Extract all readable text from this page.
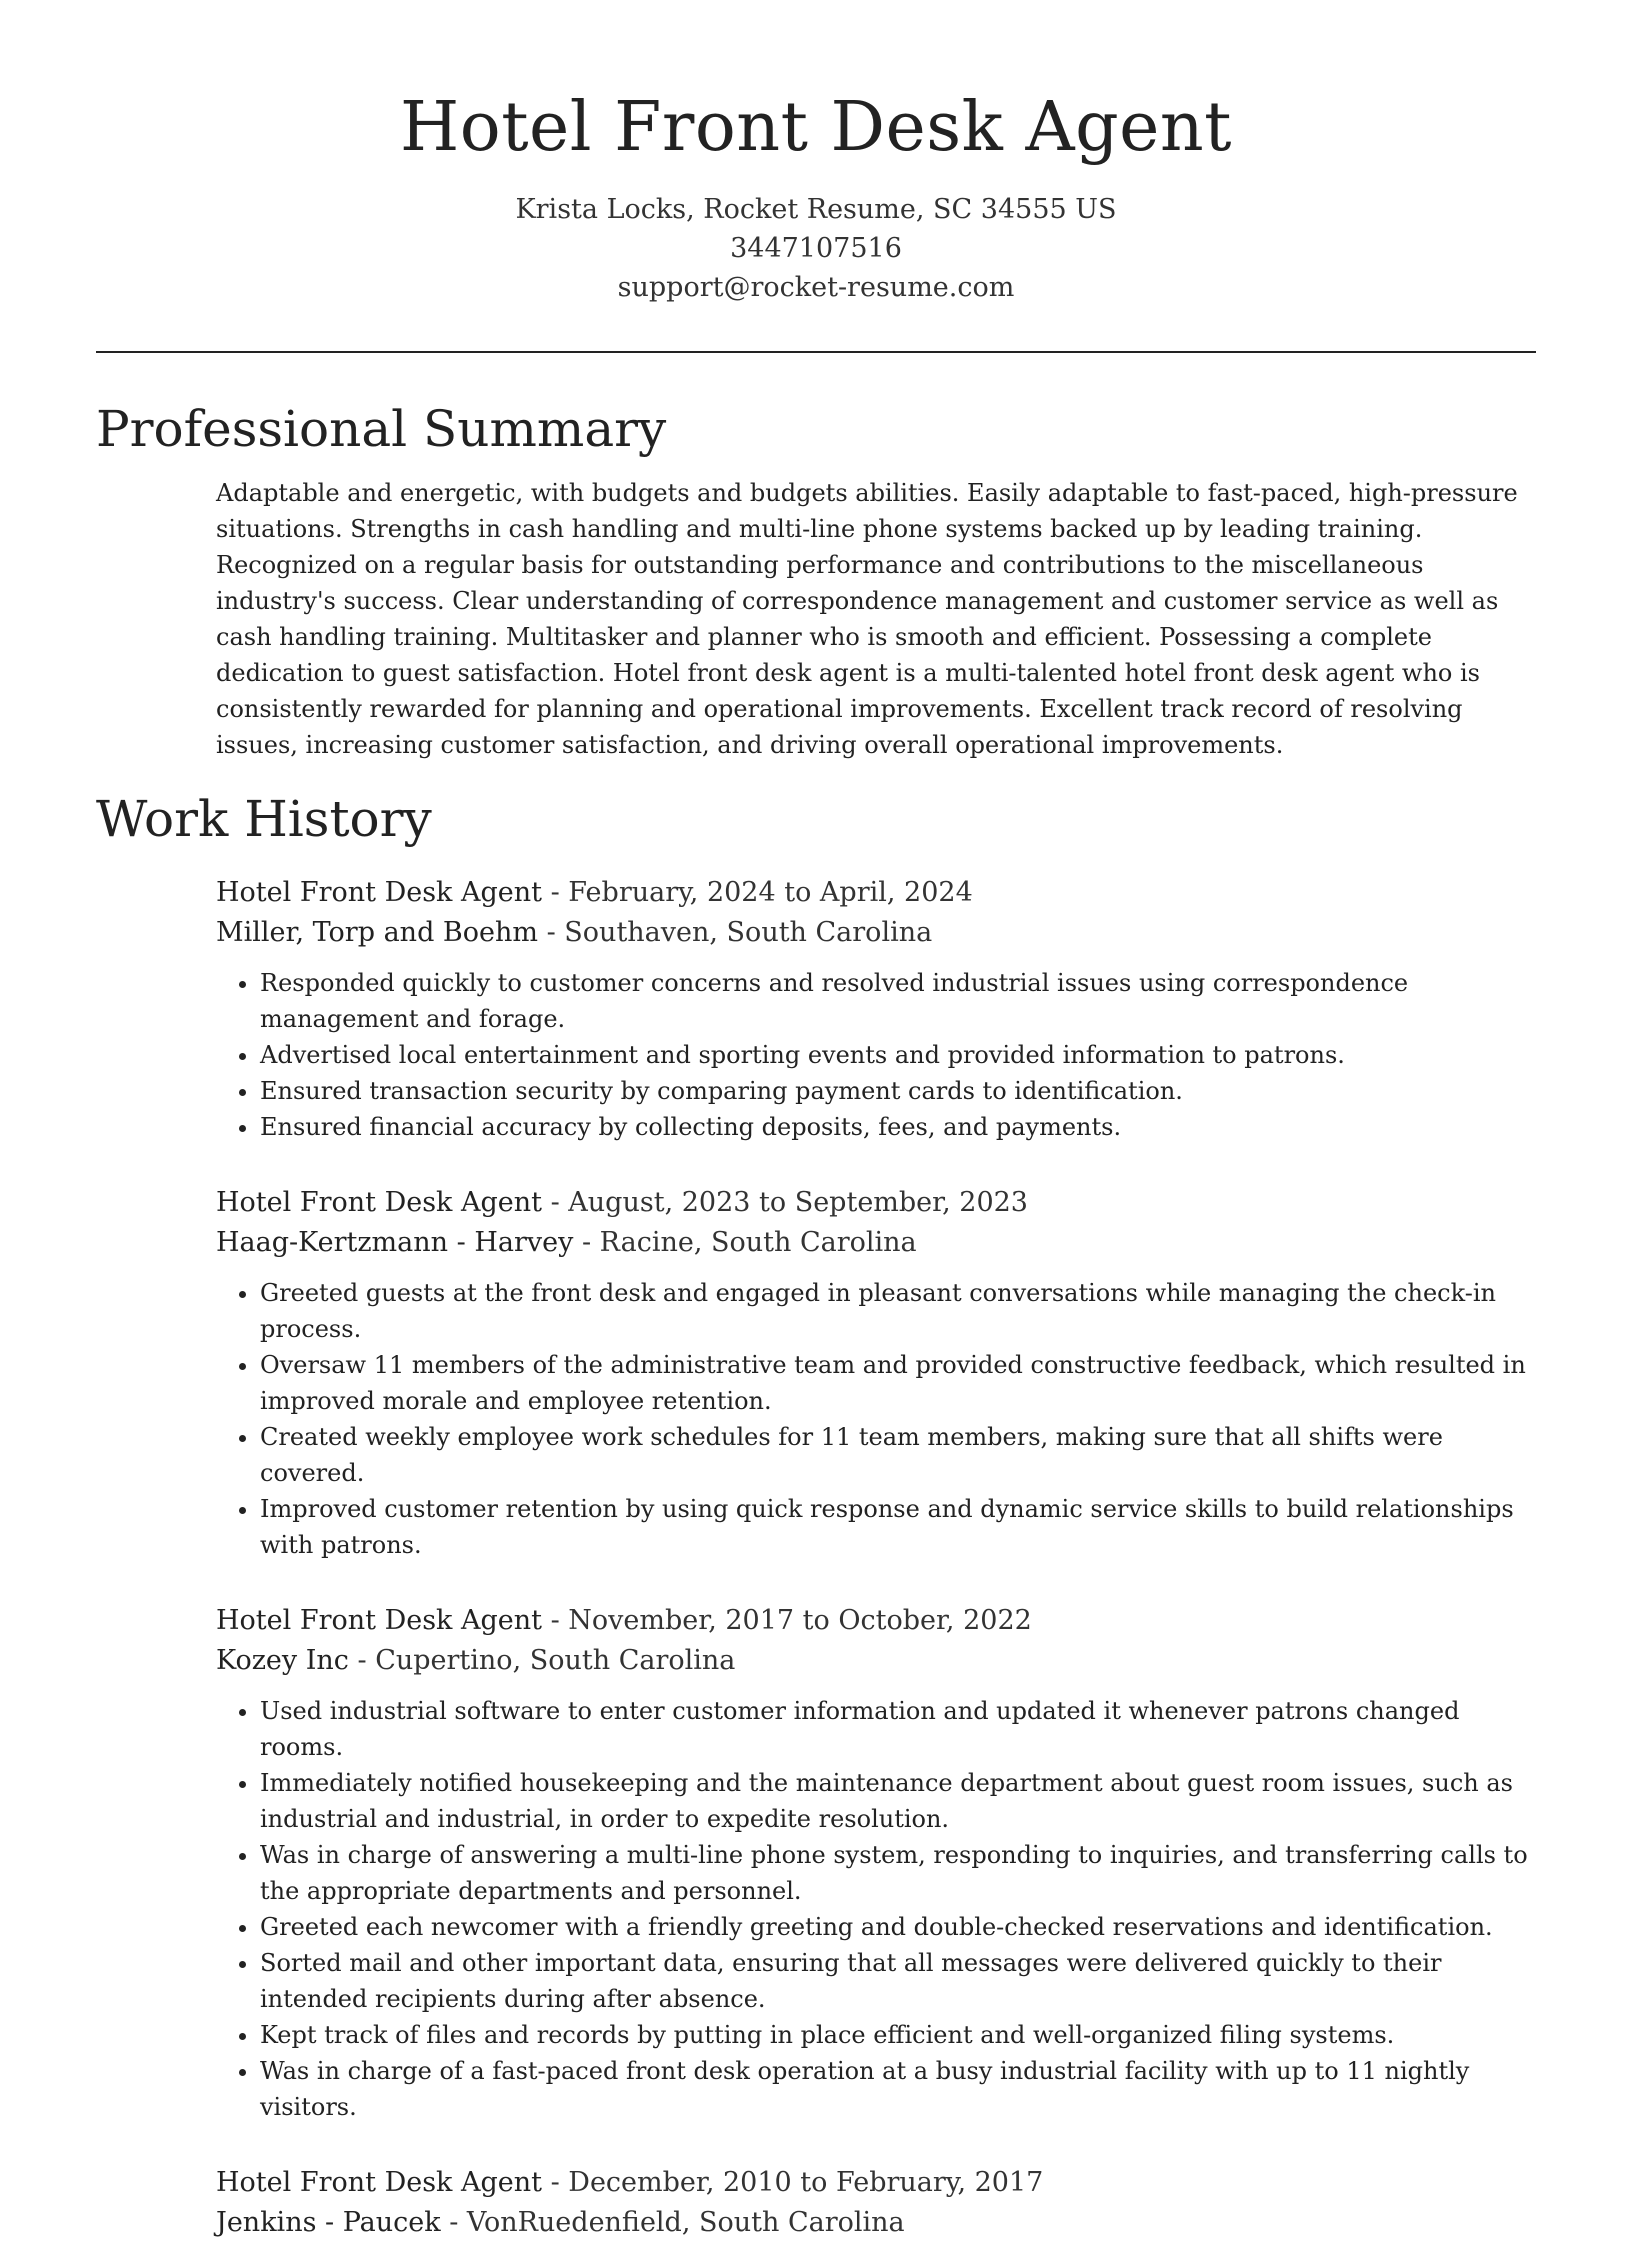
Hotel Front Desk Agent
Krista Locks, Rocket Resume, SC 34555 US
3447107516
support@rocket-resume.com
Professional Summary

Adaptable and energetic, with budgets and budgets abilities. Easily adaptable to fast-paced, high-pressure situations. Strengths in cash handling and multi-line phone systems backed up by leading training. Recognized on a regular basis for outstanding performance and contributions to the miscellaneous industry's success. Clear understanding of correspondence management and customer service as well as cash handling training. Multitasker and planner who is smooth and efficient. Possessing a complete dedication to guest satisfaction. Hotel front desk agent is a multi-talented hotel front desk agent who is consistently rewarded for planning and operational improvements. Excellent track record of resolving issues, increasing customer satisfaction, and driving overall operational improvements.

Work History
Hotel Front Desk Agent - February, 2024 to April, 2024
Miller, Torp and Boehm - Southaven, South Carolina
• Responded quickly to customer concerns and resolved industrial issues using correspondence management and forage.
• Advertised local entertainment and sporting events and provided information to patrons.
• Ensured transaction security by comparing payment cards to identification.
• Ensured financial accuracy by collecting deposits, fees, and payments.
Hotel Front Desk Agent - August, 2023 to September, 2023
Haag-Kertzmann - Harvey - Racine, South Carolina
• Greeted guests at the front desk and engaged in pleasant conversations while managing the check-in process.
• Oversaw 11 members of the administrative team and provided constructive feedback, which resulted in improved morale and employee retention.
• Created weekly employee work schedules for 11 team members, making sure that all shifts were covered.
• Improved customer retention by using quick response and dynamic service skills to build relationships with patrons.
Hotel Front Desk Agent - November, 2017 to October, 2022
Kozey Inc - Cupertino, South Carolina
• Used industrial software to enter customer information and updated it whenever patrons changed rooms.
• Immediately notified housekeeping and the maintenance department about guest room issues, such as industrial and industrial, in order to expedite resolution.
• Was in charge of answering a multi-line phone system, responding to inquiries, and transferring calls to the appropriate departments and personnel.
• Greeted each newcomer with a friendly greeting and double-checked reservations and identification.
• Sorted mail and other important data, ensuring that all messages were delivered quickly to their intended recipients during after absence.
• Kept track of files and records by putting in place efficient and well-organized filing systems.
• Was in charge of a fast-paced front desk operation at a busy industrial facility with up to 11 nightly visitors.
Hotel Front Desk Agent - December, 2010 to February, 2017
Jenkins - Paucek - VonRuedenfield, South Carolina
